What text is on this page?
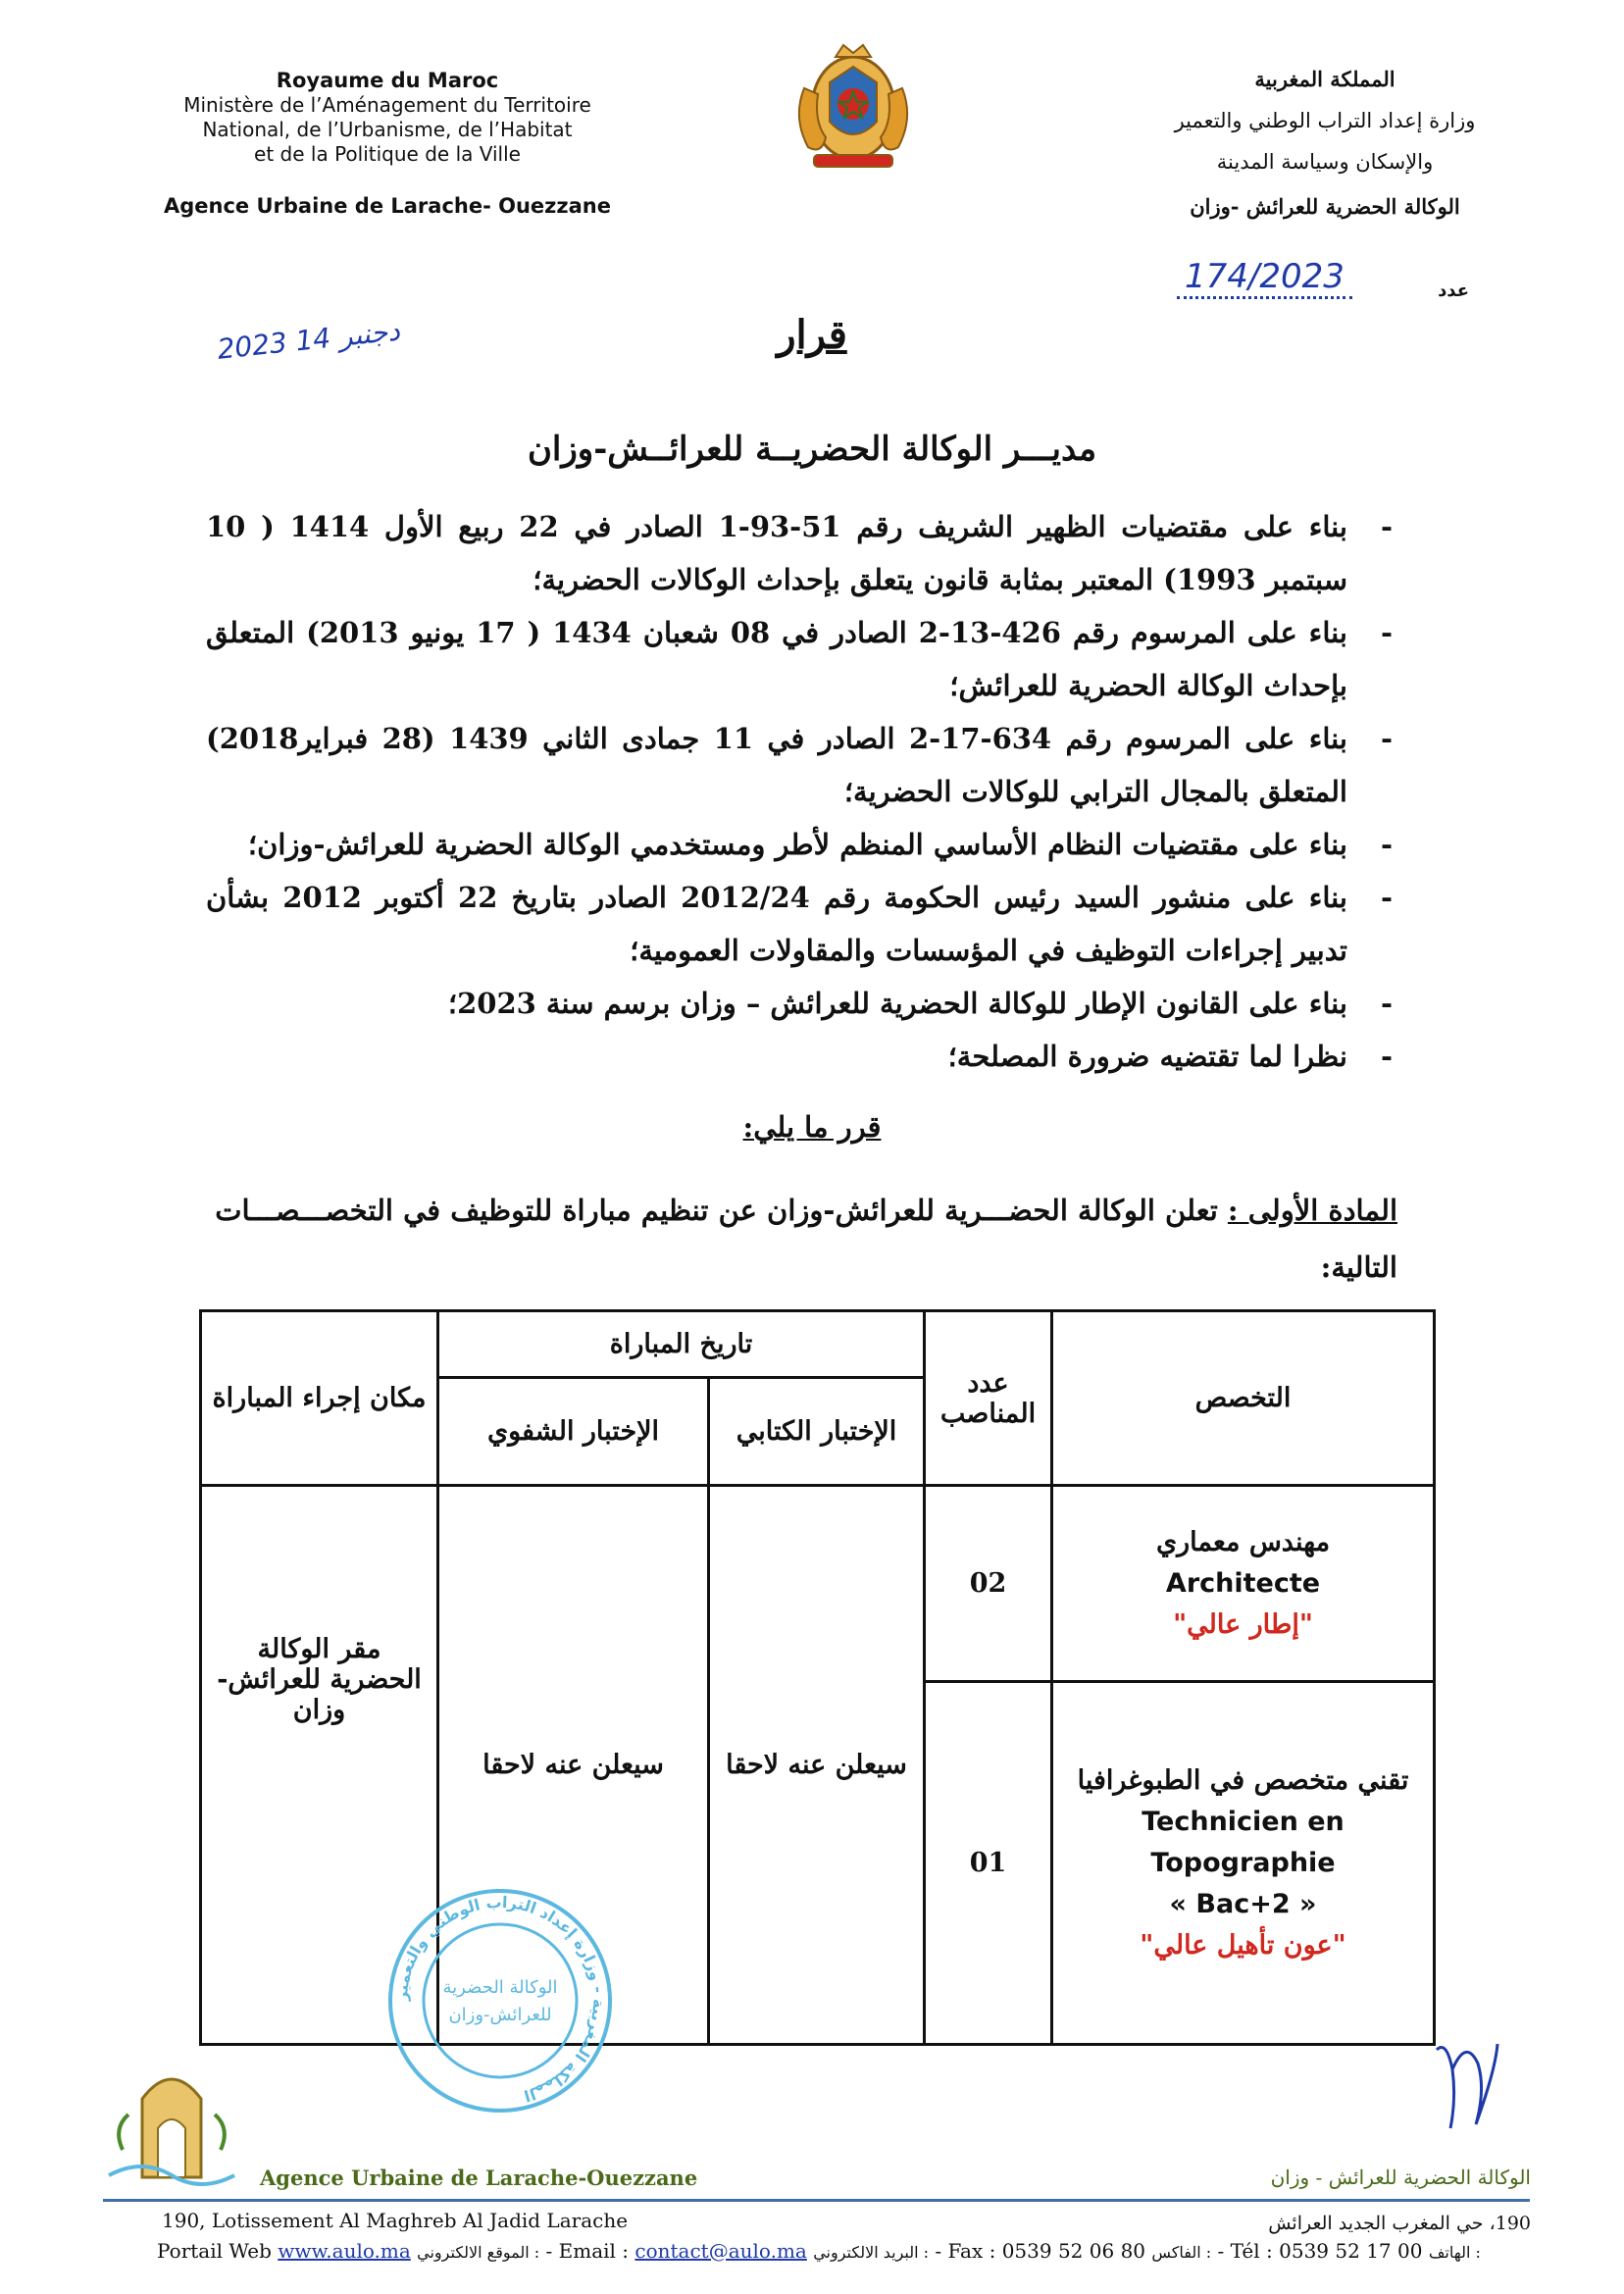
Royaume du Maroc
Ministère de l’Aménagement du Territoire
National, de l’Urbanisme, de l’Habitat
et de la Politique de la Ville
Agence Urbaine de Larache- Ouezzane
المملكة المغربية
وزارة إعداد التراب الوطني والتعمير
والإسكان وسياسة المدينة
الوكالة الحضرية للعرائش -وزان
174/2023	عدد
2023 دجنبر 14	قرار
مديـــر الوكالة الحضريــة للعرائــش-وزان
- بناء على مقتضيات الظهير الشريف رقم 51-93-1 الصادر في 22 ربيع الأول 1414 ( 10 سبتمبر 1993) المعتبر بمثابة قانون يتعلق بإحداث الوكالات الحضرية؛
- بناء على المرسوم رقم 426-13-2 الصادر في 08 شعبان 1434 ( 17 يونيو 2013) المتعلق بإحداث الوكالة الحضرية للعرائش؛
- بناء على المرسوم رقم 634-17-2 الصادر في 11 جمادى الثاني 1439 (28 فبراير2018) المتعلق بالمجال الترابي للوكالات الحضرية؛
- بناء على مقتضيات النظام الأساسي المنظم لأطر ومستخدمي الوكالة الحضرية للعرائش-وزان؛
- بناء على منشور السيد رئيس الحكومة رقم 2012/24 الصادر بتاريخ 22 أكتوبر 2012 بشأن تدبير إجراءات التوظيف في المؤسسات والمقاولات العمومية؛
- بناء على القانون الإطار للوكالة الحضرية للعرائش – وزان برسم سنة 2023؛
- نظرا لما تقتضيه ضرورة المصلحة؛
قرر ما يلي:
المادة الأولى : تعلن الوكالة الحضـــرية للعرائش-وزان عن تنظيم مباراة للتوظيف في التخصـــصـــات التالية:
التخصص	عدد المناصب	تاريخ المباراة		مكان إجراء المباراة
		الإختبار الكتابي	الإختبار الشفوي	

مهندس معماري
Architecte
"إطار عالي"	02	سيعلن عنه لاحقا	سيعلن عنه لاحقا	مقر الوكالة الحضرية للعرائش-وزان

تقني متخصص في الطبوغرافيا
Technicien en Topographie
« Bac+2 »
"عون تأهيل عالي"	01			
المملكة المغربية - وزارة إعداد التراب الوطني والتعمير
الوكالة الحضرية
للعرائش-وزان
Agence Urbaine de Larache-Ouezzane	الوكالة الحضرية للعرائش - وزان
190, Lotissement Al Maghreb Al Jadid Larache	190، حي المغرب الجديد العرائش
Portail Web www.aulo.ma : الموقع الالكتروني - Email : contact@aulo.ma : البريد الالكتروني - Fax : 0539 52 06 80 : الفاكس - Tél : 0539 52 17 00 : الهاتف
